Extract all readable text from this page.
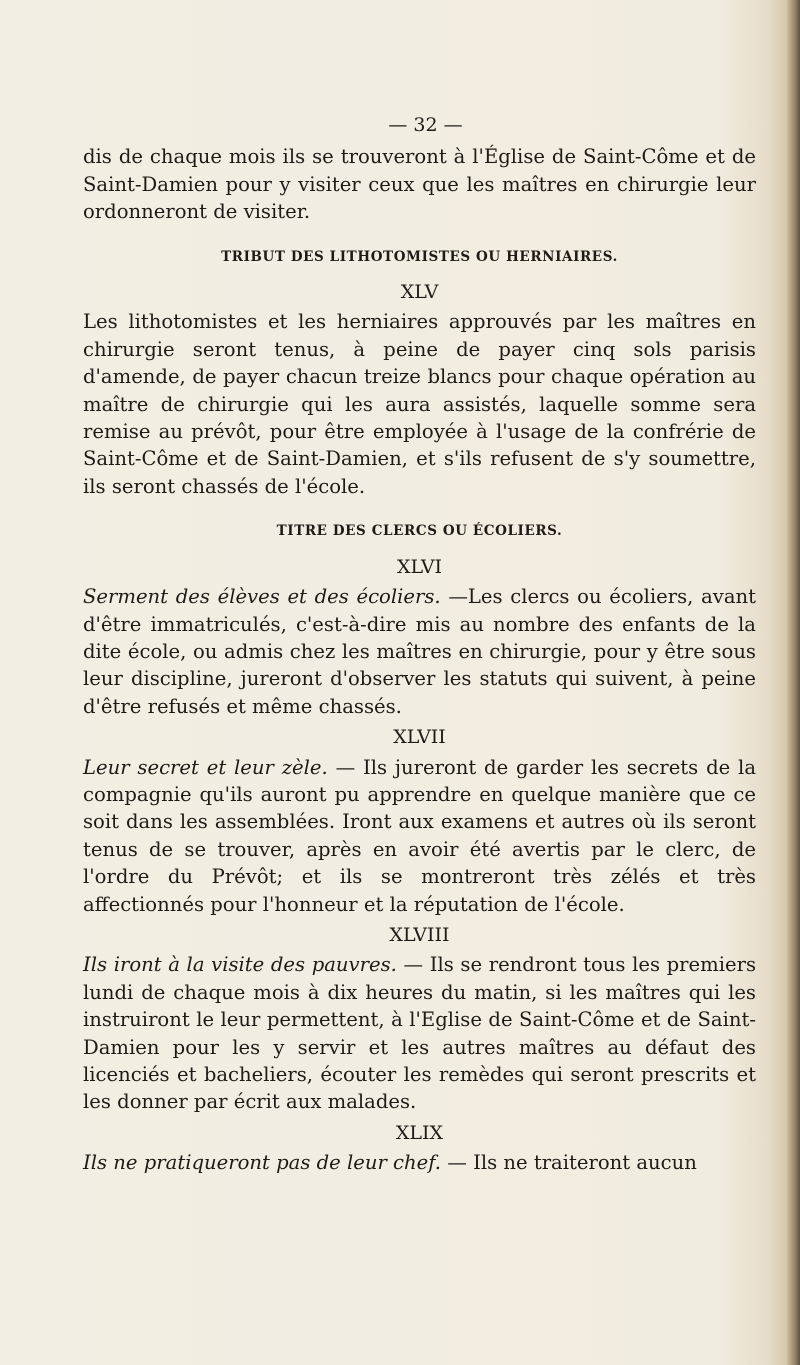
— 32 —

dis de chaque mois ils se trouveront à l'Église de Saint-Côme et de Saint-Damien pour y visiter ceux que les maîtres en chirurgie leur ordonneront de visiter.

TRIBUT DES LITHOTOMISTES OU HERNIAIRES.
XLV

Les lithotomistes et les herniaires approuvés par les maîtres en chirurgie seront tenus, à peine de payer cinq sols parisis d'amende, de payer chacun treize blancs pour chaque opération au maître de chirurgie qui les aura assistés, laquelle somme sera remise au prévôt, pour être employée à l'usage de la confrérie de Saint-Côme et de Saint-Damien, et s'ils refusent de s'y soumettre, ils seront chassés de l'école.

TITRE DES CLERCS OU ÉCOLIERS.
XLVI

Serment des élèves et des écoliers. —Les clercs ou écoliers, avant d'être immatriculés, c'est-à-dire mis au nombre des enfants de la dite école, ou admis chez les maîtres en chirurgie, pour y être sous leur discipline, jureront d'observer les statuts qui suivent, à peine d'être refusés et même chassés.

XLVII

Leur secret et leur zèle. — Ils jureront de garder les secrets de la compagnie qu'ils auront pu apprendre en quelque manière que ce soit dans les assemblées. Iront aux examens et autres où ils seront tenus de se trouver, après en avoir été avertis par le clerc, de l'ordre du Prévôt; et ils se montreront très zélés et très affectionnés pour l'honneur et la réputation de l'école.

XLVIII

Ils iront à la visite des pauvres. — Ils se rendront tous les premiers lundi de chaque mois à dix heures du matin, si les maîtres qui les instruiront le leur permettent, à l'Eglise de Saint-Côme et de Saint-Damien pour les y servir et les autres maîtres au défaut des licenciés et bacheliers, écouter les remèdes qui seront prescrits et les donner par écrit aux malades.

XLIX

Ils ne pratiqueront pas de leur chef. — Ils ne traiteront aucun
